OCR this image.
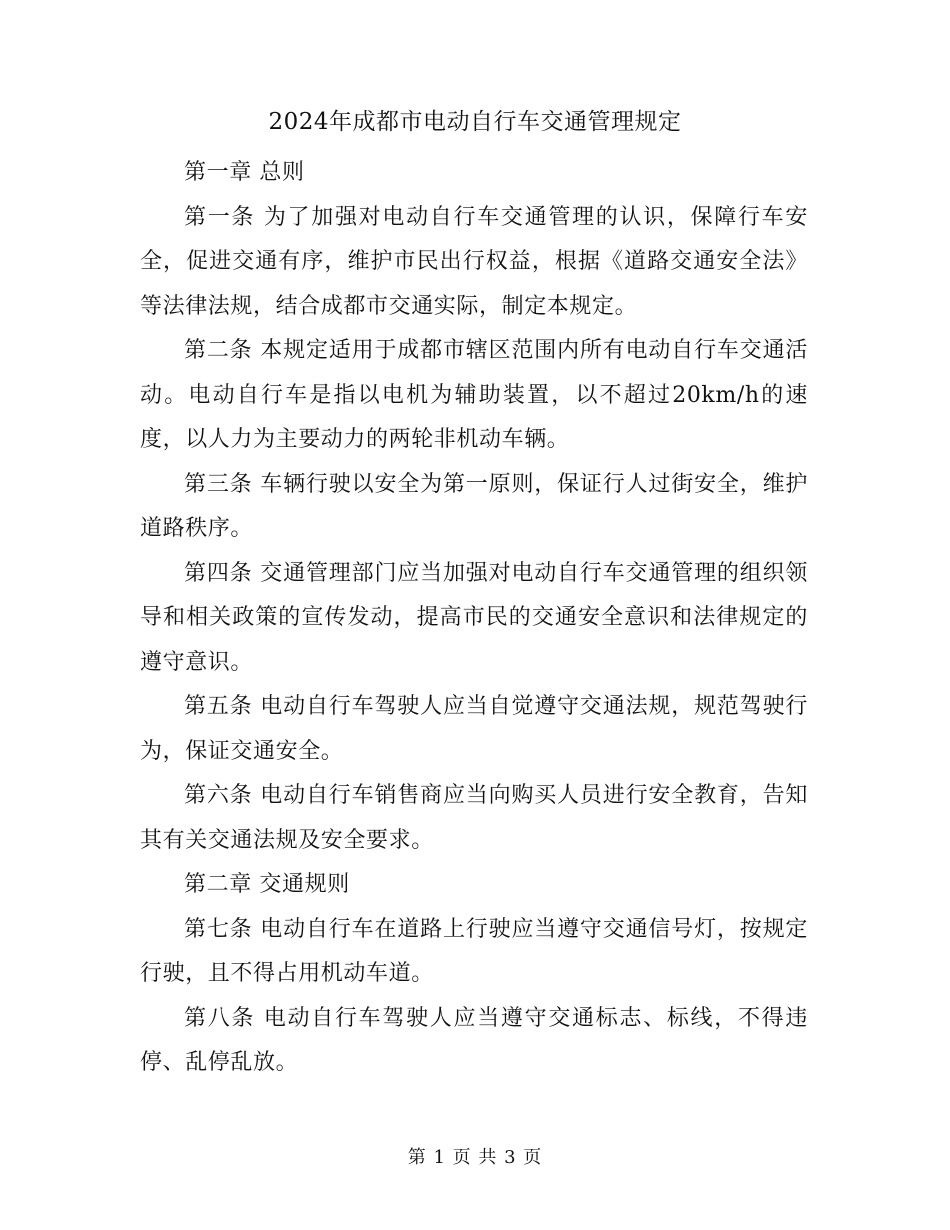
2024年成都市电动自行车交通管理规定

第一章 总则

第一条 为了加强对电动自行车交通管理的认识，保障行车安全，促进交通有序，维护市民出行权益，根据《道路交通安全法》等法律法规，结合成都市交通实际，制定本规定。

第二条 本规定适用于成都市辖区范围内所有电动自行车交通活动。电动自行车是指以电机为辅助装置，以不超过20km/h的速度，以人力为主要动力的两轮非机动车辆。

第三条 车辆行驶以安全为第一原则，保证行人过街安全，维护道路秩序。

第四条 交通管理部门应当加强对电动自行车交通管理的组织领导和相关政策的宣传发动，提高市民的交通安全意识和法律规定的遵守意识。

第五条 电动自行车驾驶人应当自觉遵守交通法规，规范驾驶行为，保证交通安全。

第六条 电动自行车销售商应当向购买人员进行安全教育，告知其有关交通法规及安全要求。

第二章 交通规则

第七条 电动自行车在道路上行驶应当遵守交通信号灯，按规定行驶，且不得占用机动车道。

第八条 电动自行车驾驶人应当遵守交通标志、标线，不得违停、乱停乱放。

第 1 页 共 3 页
